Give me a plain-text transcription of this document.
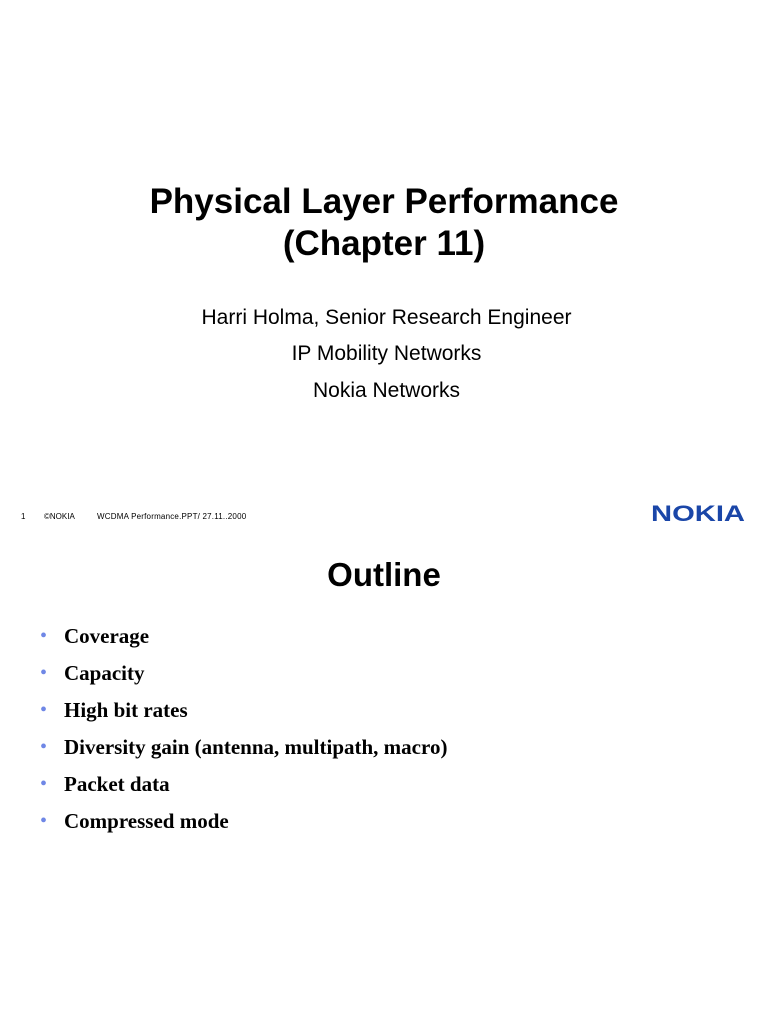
Physical Layer Performance
(Chapter 11)
Harri Holma, Senior Research Engineer
IP Mobility Networks
Nokia Networks
1 ©NOKIA	WCDMA Performance.PPT/ 27.11..2000	NOKIA
Outline
• Coverage
• Capacity
• High bit rates
• Diversity gain (antenna, multipath, macro)
• Packet data
• Compressed mode
